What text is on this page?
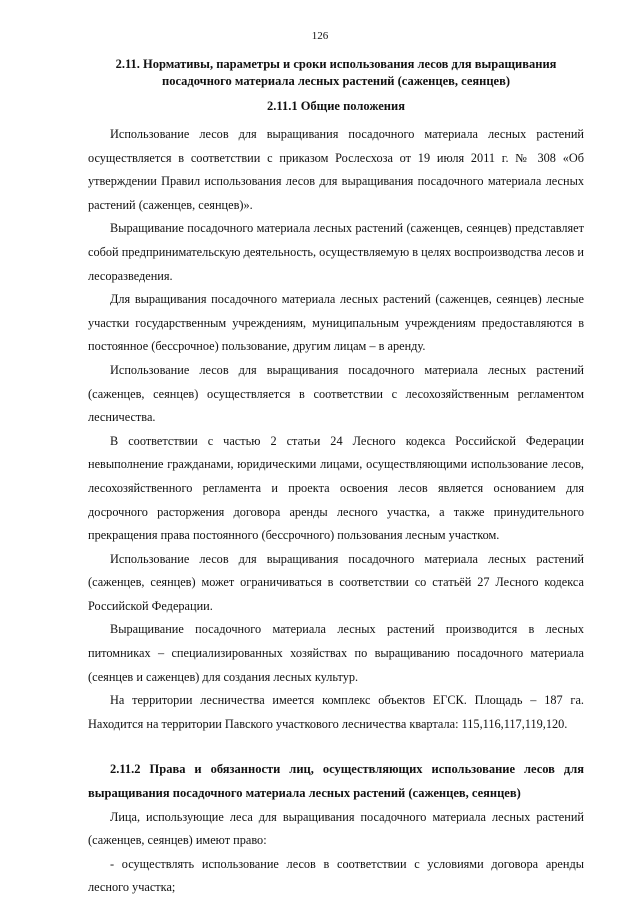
126
2.11. Нормативы, параметры и сроки использования лесов для выращивания посадочного материала лесных растений (саженцев, сеянцев)
2.11.1 Общие положения

Использование лесов для выращивания посадочного материала лесных растений осуществляется в соответствии с приказом Рослесхоза от 19 июля 2011 г. № 308 «Об утверждении Правил использования лесов для выращивания посадочного материала лесных растений (саженцев, сеянцев)».

Выращивание посадочного материала лесных растений (саженцев, сеянцев) представляет собой предпринимательскую деятельность, осуществляемую в целях воспроизводства лесов и лесоразведения.

Для выращивания посадочного материала лесных растений (саженцев, сеянцев) лесные участки государственным учреждениям, муниципальным учреждениям предоставляются в постоянное (бессрочное) пользование, другим лицам – в аренду.

Использование лесов для выращивания посадочного материала лесных растений (саженцев, сеянцев) осуществляется в соответствии с лесохозяйственным регламентом лесничества.

В соответствии с частью 2 статьи 24 Лесного кодекса Российской Федерации невыполнение гражданами, юридическими лицами, осуществляющими использование лесов, лесохозяйственного регламента и проекта освоения лесов является основанием для досрочного расторжения договора аренды лесного участка, а также принудительного прекращения права постоянного (бессрочного) пользования лесным участком.

Использование лесов для выращивания посадочного материала лесных растений (саженцев, сеянцев) может ограничиваться в соответствии со статьёй 27 Лесного кодекса Российской Федерации.

Выращивание посадочного материала лесных растений производится в лесных питомниках – специализированных хозяйствах по выращиванию посадочного материала (сеянцев и саженцев) для создания лесных культур.

На территории лесничества имеется комплекс объектов ЕГСК. Площадь – 187 га. Находится на территории Павского участкового лесничества квартала: 115,116,117,119,120.

2.11.2 Права и обязанности лиц, осуществляющих использование лесов для выращивания посадочного материала лесных растений (саженцев, сеянцев)

Лица, использующие леса для выращивания посадочного материала лесных растений (саженцев, сеянцев) имеют право:

- осуществлять использование лесов в соответствии с условиями договора аренды лесного участка;
